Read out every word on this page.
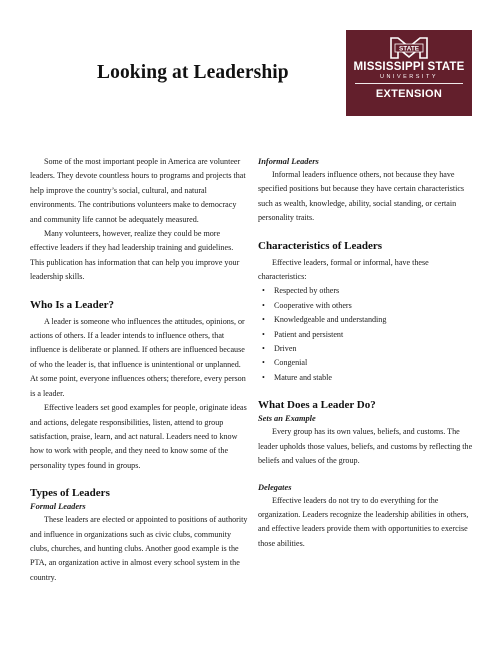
Looking at Leadership
STATE
MISSISSIPPI STATE
UNIVERSITY
EXTENSION

Some of the most important people in America are volunteer leaders. They devote countless hours to programs and projects that help improve the country’s social, cultural, and natural environments. The contributions volunteers make to democracy and community life cannot be adequately measured.

Many volunteers, however, realize they could be more effective leaders if they had leadership training and guidelines. This publication has information that can help you improve your leadership skills.

Who Is a Leader?

A leader is someone who influences the attitudes, opinions, or actions of others. If a leader intends to influence others, that influence is deliberate or planned. If others are influenced because of who the leader is, that influence is unintentional or unplanned. At some point, everyone influences others; therefore, every person is a leader.

Effective leaders set good examples for people, originate ideas and actions, delegate responsibilities, listen, attend to group satisfaction, praise, learn, and act natural. Leaders need to know how to work with people, and they need to know some of the personality types found in groups.

Types of Leaders
Formal Leaders

These leaders are elected or appointed to positions of authority and influence in organizations such as civic clubs, community clubs, churches, and hunting clubs. Another good example is the PTA, an organization active in almost every school system in the country.

Informal Leaders

Informal leaders influence others, not because they have specified positions but because they have certain characteristics such as wealth, knowledge, ability, social standing, or certain personality traits.

Characteristics of Leaders

Effective leaders, formal or informal, have these characteristics:

• Respected by others
• Cooperative with others
• Knowledgeable and understanding
• Patient and persistent
• Driven
• Congenial
• Mature and stable
What Does a Leader Do?
Sets an Example

Every group has its own values, beliefs, and customs. The leader upholds those values, beliefs, and customs by reflecting the beliefs and values of the group.

Delegates

Effective leaders do not try to do everything for the organization. Leaders recognize the leadership abilities in others, and effective leaders provide them with opportunities to exercise those abilities.
